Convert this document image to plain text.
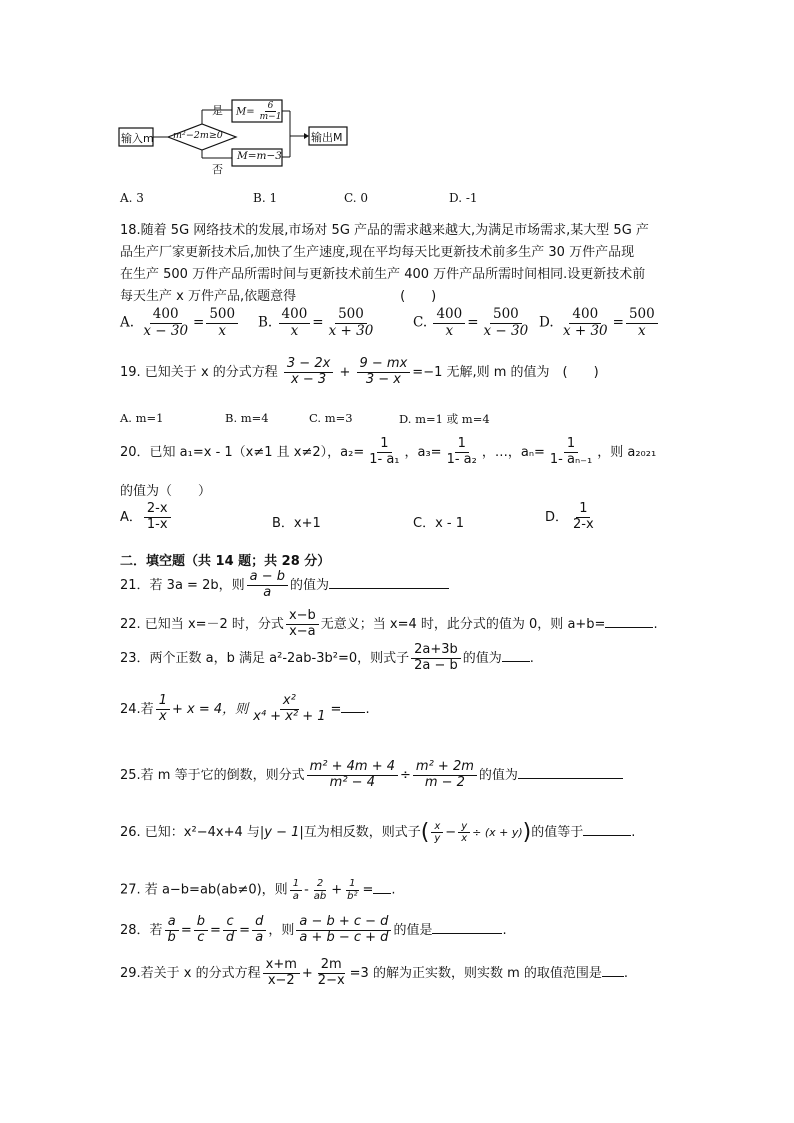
输入m m²−2m≥0
是
否
$M= \frac{6}{m-1}$
M=m−3
输出M
A. 3	B. 1	C. 0	D. -1
18.随着 5G 网络技术的发展,市场对 5G 产品的需求越来越大,为满足市场需求,某大型 5G 产
品生产厂家更新技术后,加快了生产速度,现在平均每天比更新技术前多生产 30 万件产品现
在生产 500 万件产品所需时间与更新技术前生产 400 万件产品所需时间相同.设更新技术前
每天生产 x 万件产品,依题意得　　　　　　　　(　　)
A. $\frac{400}{x - 30} = \frac{500}{x} B$. $\frac{400}{x} = \frac{500}{x + 30}$	C. $\frac{400}{x} = \frac{500}{x - 30} D$. $\frac{400}{x + 30} = \frac{500}{x}$
19. 已知关于 x 的分式方程 $\frac{3 - 2x}{x - 3} + \frac{9 - mx}{3 - x} =-1$ 无解,则 m 的值为　(　　)
A. m=1	B. m=4	C. m=3	D. m=1 或 m=4
20．已知 a₁=x - 1（x≠1 且 x≠2），$a_2= \frac{1}{\text{1- a₁}}$ ，$a_3= \frac{1}{\text{1- a₂}}$ ，…，$a_n= \frac{1}{\text{1- aₙ₋₁}}$ ，则 a₂₀₂₁
的值为（　　）
A． $\frac{2-x}{1-x}$	B．x+1	C．x - 1	D． $\frac{1}{2-x}$
二．填空题（共 14 题；共 28 分）
21．若 3a = 2b，则 $\frac{a - b}{a}$ 的值为
22. 已知当 x=－2 时，分式 $\frac{x-b}{x-a}$ 无意义；当 x=4 时，此分式的值为 0，则 a+b=	.
23．两个正数 a，b 满足 a²-2ab-3b²=0，则式子 $\frac{2a+3b}{2a - b}$ 的值为 .
24.若 $\frac{1}{x} + x = 4$，则 $\frac{\text{x²}}{\text{x⁴ + x² + 1}}$ = .
25.若 m 等于它的倒数，则分式 $\frac{\text{m² + 4m + 4}}{\text{m² − 4}} \div \frac{\text{m² + 2m}}{m - 2}$ 的值为
26. 已知：x²−4x+4 与|y − 1|互为相反数，则式子( $\frac{x}{y} - \frac{y}{x} \div (x + y)$)的值等于	.
27. 若 a−b=ab(ab≠0)，则 $\frac{1}{a} - \frac{2}{ab} + \frac{1}{\text{b²}}$ = .
28．若 $\frac{a}{b} = \frac{b}{c} = \frac{c}{d} = \frac{d}{a}$ ，则 $\frac{a - b + c - d}{a + b - c + d}$ 的值是	.
29.若关于 x 的分式方程 $\frac{x+m}{x-2} + \frac{2m}{2-x} =3$ 的解为正实数，则实数 m 的取值范围是 .
